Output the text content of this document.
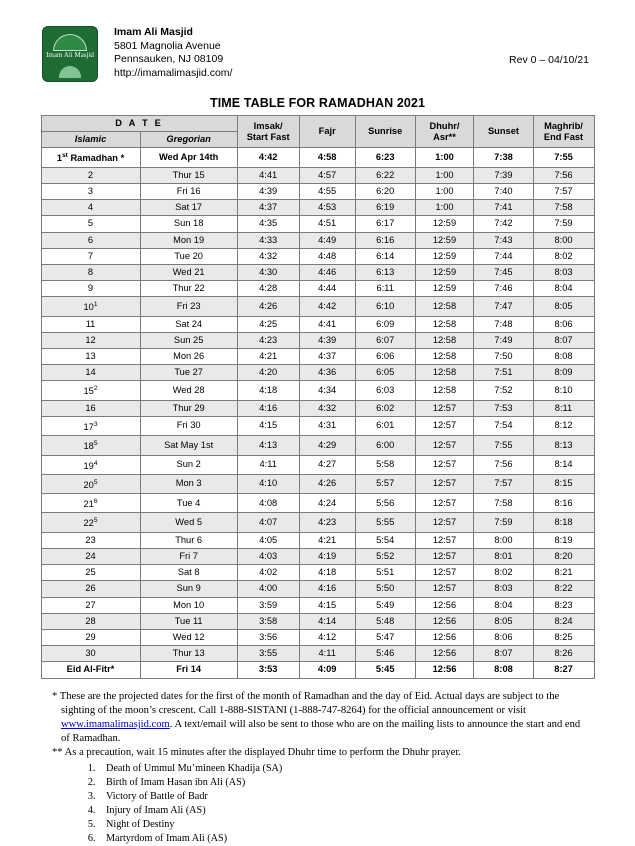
Imam Ali Masjid
Imam Ali Masjid
5801 Magnolia Avenue
Pennsauken, NJ 08109
http://imamalimasjid.com/
Rev 0 – 04/10/21
TIME TABLE FOR RAMADHAN 2021
D A T E		Imsak/
Start Fast	Fajr	Sunrise	Dhuhr/
Asr**	Sunset	Maghrib/
End Fast

Islamic	Gregorian						
1st Ramadhan *	Wed Apr 14th	4:42	4:58	6:23	1:00	7:38	7:55
2	Thur 15	4:41	4:57	6:22	1:00	7:39	7:56
3	Fri 16	4:39	4:55	6:20	1:00	7:40	7:57
4	Sat 17	4:37	4:53	6:19	1:00	7:41	7:58
5	Sun 18	4:35	4:51	6:17	12:59	7:42	7:59
6	Mon 19	4:33	4:49	6:16	12:59	7:43	8:00
7	Tue 20	4:32	4:48	6:14	12:59	7:44	8:02
8	Wed 21	4:30	4:46	6:13	12:59	7:45	8:03
9	Thur 22	4:28	4:44	6:11	12:59	7:46	8:04
$10^1$	Fri 23	4:26	4:42	6:10	12:58	7:47	8:05
11	Sat 24	4:25	4:41	6:09	12:58	7:48	8:06
12	Sun 25	4:23	4:39	6:07	12:58	7:49	8:07
13	Mon 26	4:21	4:37	6:06	12:58	7:50	8:08
14	Tue 27	4:20	4:36	6:05	12:58	7:51	8:09
$15^2$	Wed 28	4:18	4:34	6:03	12:58	7:52	8:10
16	Thur 29	4:16	4:32	6:02	12:57	7:53	8:11
$17^3$	Fri 30	4:15	4:31	6:01	12:57	7:54	8:12
$18^5$	Sat May 1st	4:13	4:29	6:00	12:57	7:55	8:13
$19^4$	Sun 2	4:11	4:27	5:58	12:57	7:56	8:14
$20^5$	Mon 3	4:10	4:26	5:57	12:57	7:57	8:15
$21^6$	Tue 4	4:08	4:24	5:56	12:57	7:58	8:16
$22^5$	Wed 5	4:07	4:23	5:55	12:57	7:59	8:18
23	Thur 6	4:05	4:21	5:54	12:57	8:00	8:19
24	Fri 7	4:03	4:19	5:52	12:57	8:01	8:20
25	Sat 8	4:02	4:18	5:51	12:57	8:02	8:21
26	Sun 9	4:00	4:16	5:50	12:57	8:03	8:22
27	Mon 10	3:59	4:15	5:49	12:56	8:04	8:23
28	Tue 11	3:58	4:14	5:48	12:56	8:05	8:24
29	Wed 12	3:56	4:12	5:47	12:56	8:06	8:25
30	Thur 13	3:55	4:11	5:46	12:56	8:07	8:26
Eid Al-Fitr*	Fri 14	3:53	4:09	5:45	12:56	8:08	8:27

* These are the projected dates for the first of the month of Ramadhan and the day of Eid. Actual days are subject to the sighting of the moon’s crescent. Call 1-888-SISTANI (1-888-747-8264) for the official announcement or visit www.imamalimasjid.com. A text/email will also be sent to those who are on the mailing lists to announce the start and end of Ramadhan.

** As a precaution, wait 15 minutes after the displayed Dhuhr time to perform the Dhuhr prayer.

1. Death of Ummul Mu’mineen Khadija (SA)
2. Birth of Imam Hasan ibn Ali (AS)
3. Victory of Battle of Badr
4. Injury of Imam Ali (AS)
5. Night of Destiny
6. Martyrdom of Imam Ali (AS)
